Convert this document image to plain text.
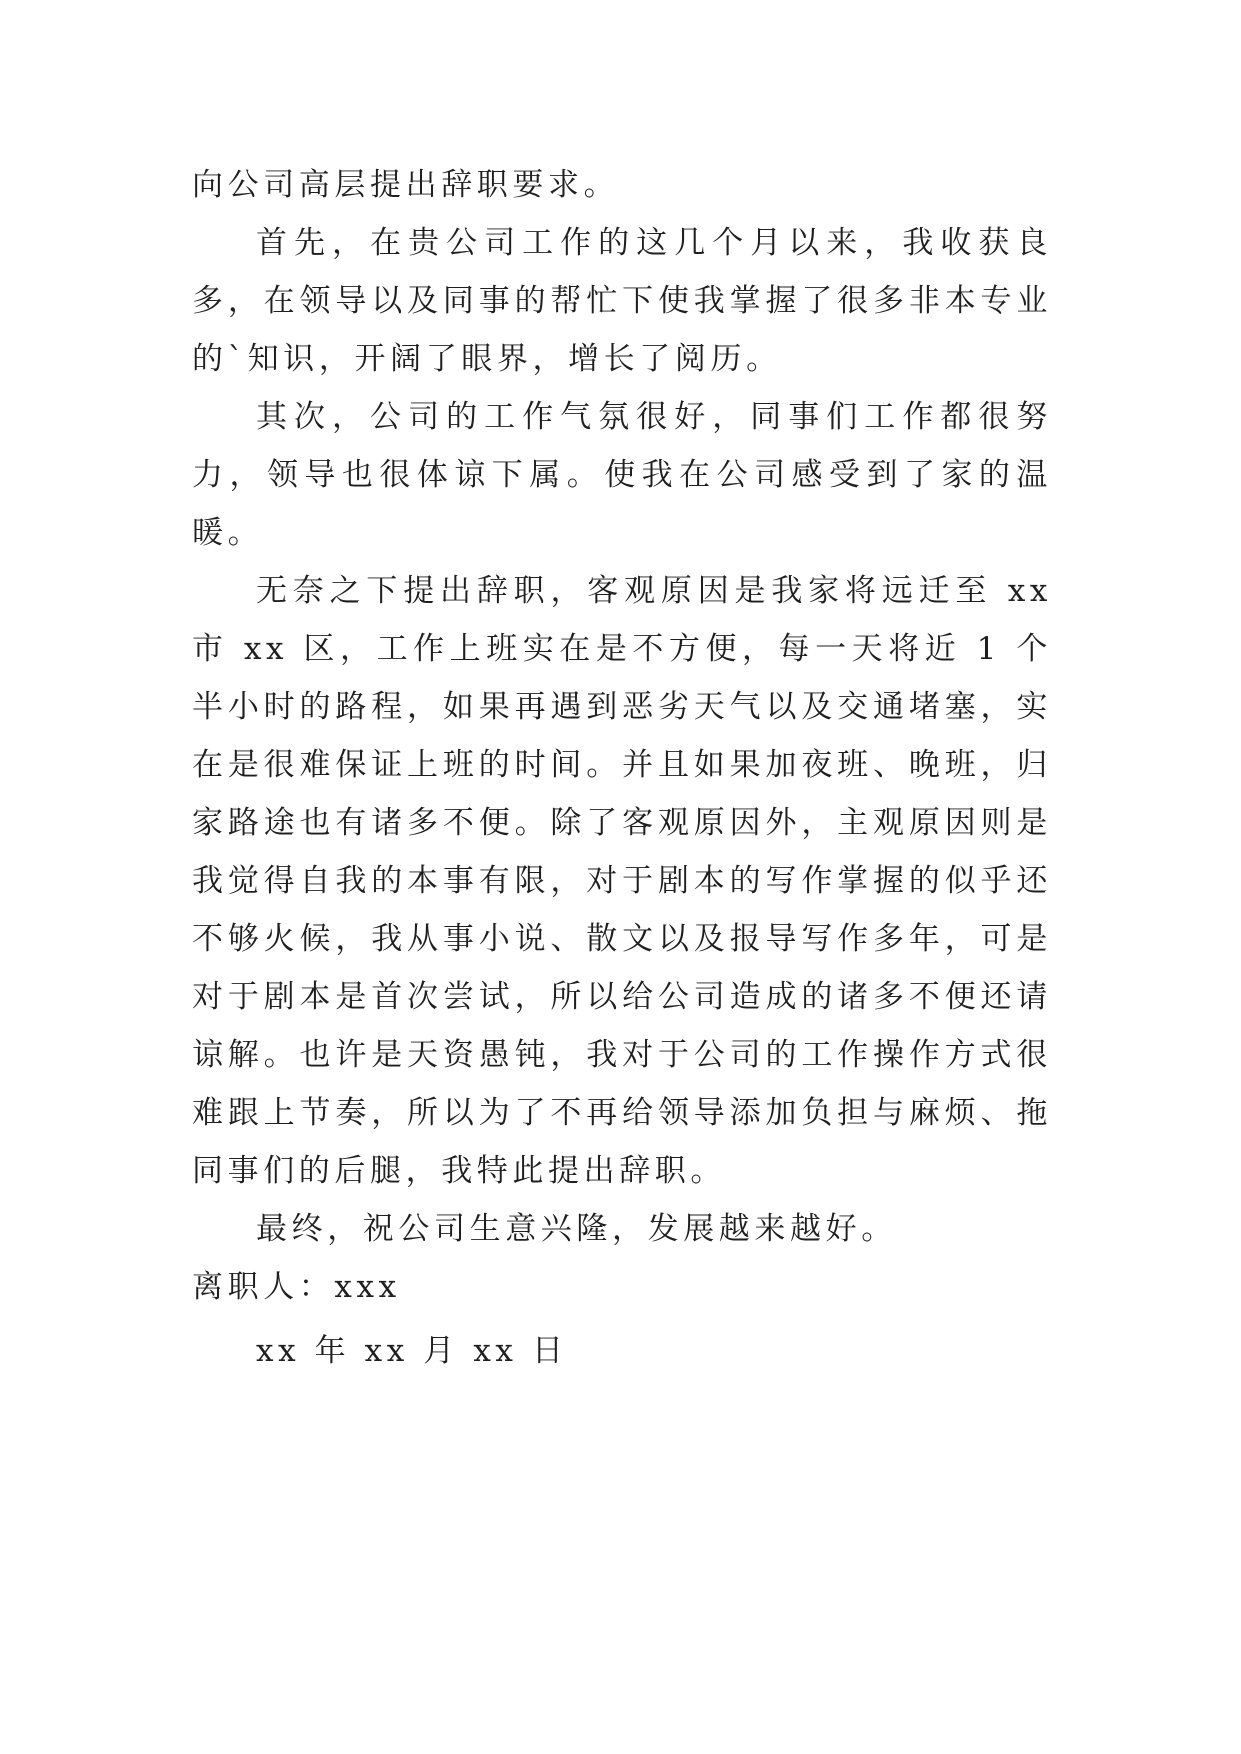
向公司高层提出辞职要求。

首先，在贵公司工作的这几个月以来，我收获良多，在领导以及同事的帮忙下使我掌握了很多非本专业的`知识，开阔了眼界，增长了阅历。

其次，公司的工作气氛很好，同事们工作都很努力，领导也很体谅下属。使我在公司感受到了家的温暖。

无奈之下提出辞职，客观原因是我家将远迁至 xx 市 xx 区，工作上班实在是不方便，每一天将近 1 个半小时的路程，如果再遇到恶劣天气以及交通堵塞，实在是很难保证上班的时间。并且如果加夜班、晚班，归家路途也有诸多不便。除了客观原因外，主观原因则是我觉得自我的本事有限，对于剧本的写作掌握的似乎还不够火候，我从事小说、散文以及报导写作多年，可是对于剧本是首次尝试，所以给公司造成的诸多不便还请谅解。也许是天资愚钝，我对于公司的工作操作方式很难跟上节奏，所以为了不再给领导添加负担与麻烦、拖同事们的后腿，我特此提出辞职。

最终，祝公司生意兴隆，发展越来越好。

离职人：xxx

xx 年 xx 月 xx 日
